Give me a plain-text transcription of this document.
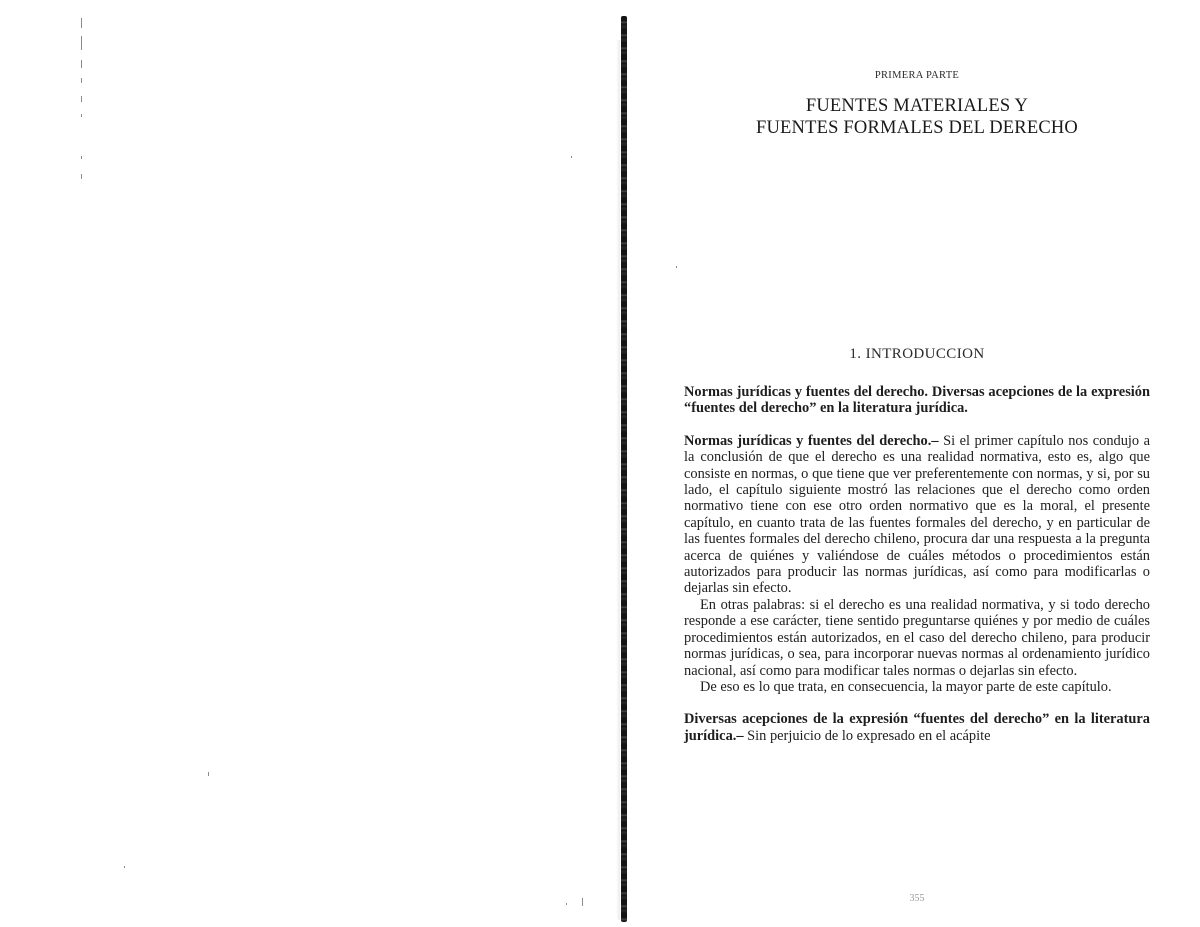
PRIMERA PARTE
FUENTES MATERIALES Y
FUENTES FORMALES DEL DERECHO
1. INTRODUCCION

Normas jurídicas y fuentes del derecho. Diversas acepciones de la expresión “fuentes del derecho” en la literatura jurídica.

Normas jurídicas y fuentes del derecho.– Si el primer capítulo nos condujo a la conclusión de que el derecho es una realidad normativa, esto es, algo que consiste en normas, o que tiene que ver preferentemente con normas, y si, por su lado, el capítulo siguiente mostró las relaciones que el derecho como orden normativo tiene con ese otro orden normativo que es la moral, el presente capítulo, en cuanto trata de las fuentes formales del derecho, y en particular de las fuentes formales del derecho chileno, procura dar una respuesta a la pregunta acerca de quiénes y valiéndose de cuáles métodos o procedimientos están autorizados para producir las normas jurídicas, así como para modificarlas o dejarlas sin efecto.

En otras palabras: si el derecho es una realidad normativa, y si todo derecho responde a ese carácter, tiene sentido preguntarse quiénes y por medio de cuáles procedimientos están autorizados, en el caso del derecho chileno, para producir normas jurídicas, o sea, para incorporar nuevas normas al ordenamiento jurídico nacional, así como para modificar tales normas o dejarlas sin efecto.

De eso es lo que trata, en consecuencia, la mayor parte de este capítulo.

Diversas acepciones de la expresión “fuentes del derecho” en la literatura jurídica.– Sin perjuicio de lo expresado en el acápite

355
